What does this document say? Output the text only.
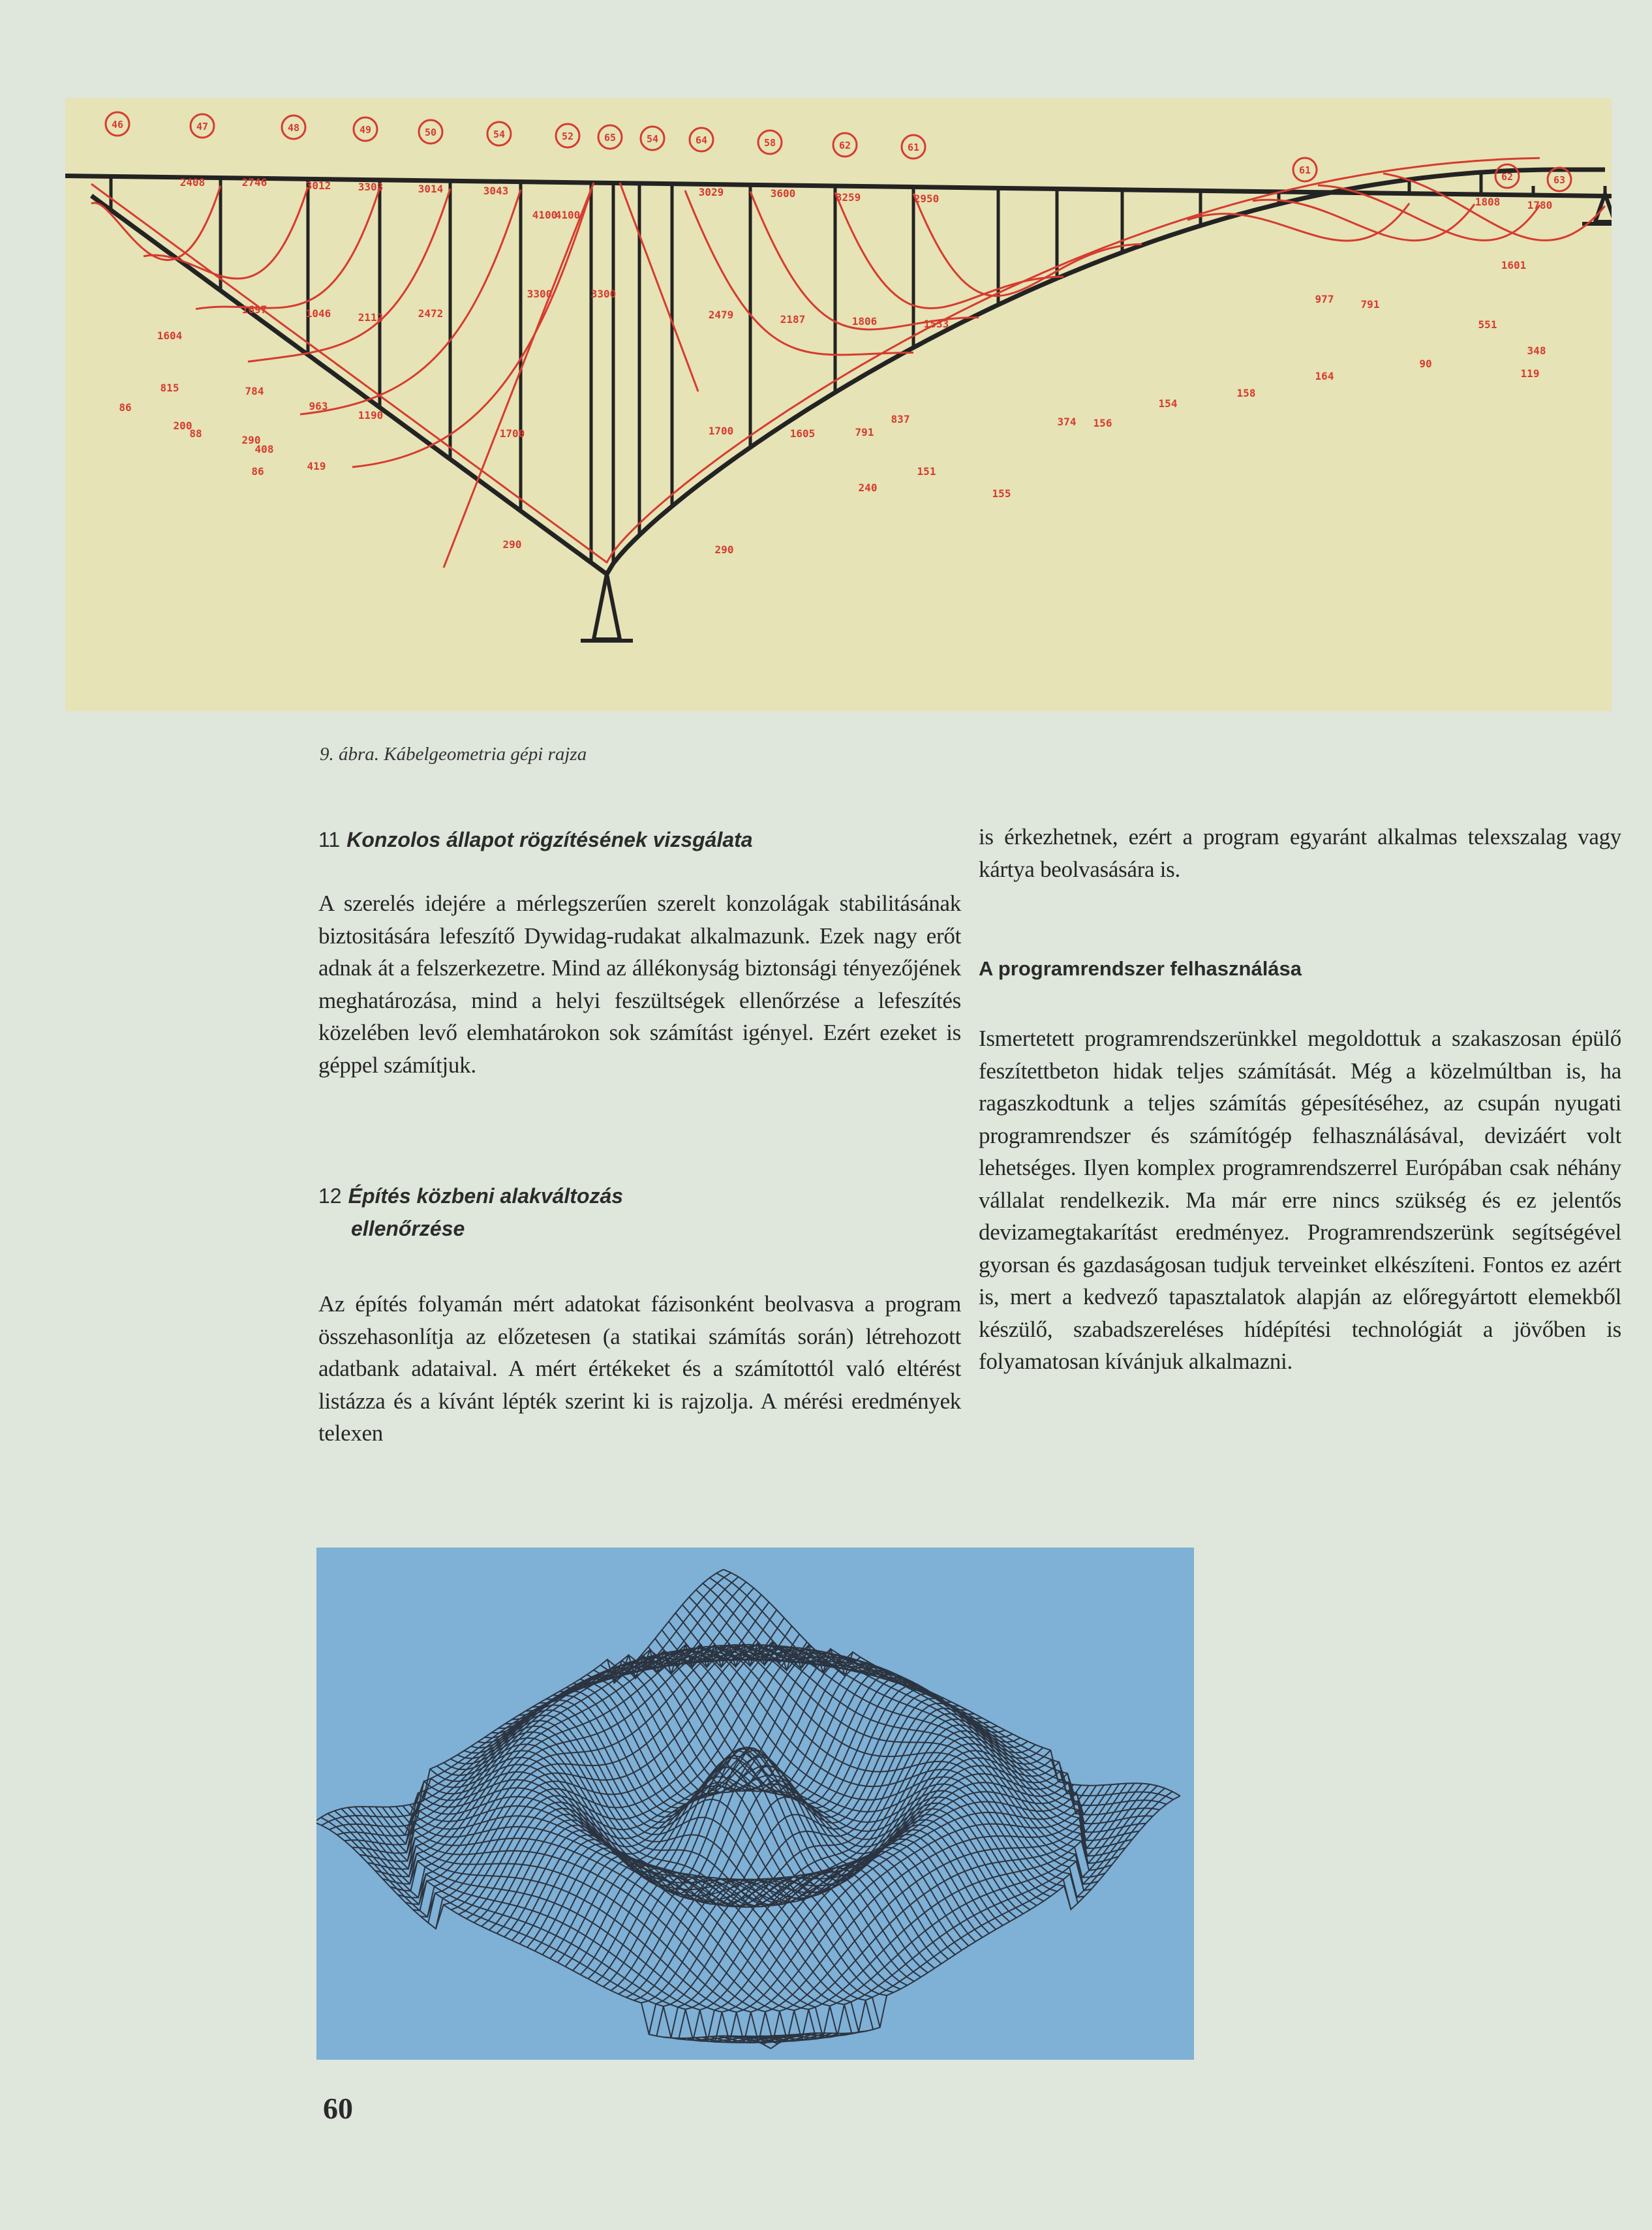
46	47	48	49	50	54	52	65	54	64	58	62	61
61
62	63
2408	2746	3012	3303	3014	3043
4100
4100
3029	3600	3259	2950	1808	1780
1604
1697	1046	2112	2472
3300	3300
2479	2187	1806	1533
977	791
1601
551
348
815	784
963
1190
1700	1700	1605	791
837
290	290
240
151
374
164	119
200
408
290
419
86
88
86
155
156
154
158
90
9. ábra. Kábelgeometria gépi rajza
11 Konzolos állapot rögzítésének vizsgálata

A szerelés idejére a mérlegszerűen szerelt konzolágak stabilitásának biztositására lefeszítő Dywidag-rudakat alkalmazunk. Ezek nagy erőt adnak át a felszerkezetre. Mind az állékonyság biztonsági tényezőjének meghatározása, mind a helyi feszültségek ellenőrzése a lefeszítés közelében levő elemhatárokon sok számítást igényel. Ezért ezeket is géppel számítjuk.

12 Építés közbeni alakváltozás
ellenőrzése

Az építés folyamán mért adatokat fázisonként beolvasva a program összehasonlítja az előzetesen (a statikai számítás során) létrehozott adatbank adataival. A mért értékeket és a számítottól való eltérést listázza és a kívánt lépték szerint ki is rajzolja. A mérési eredmények telexen

is érkezhetnek, ezért a program egyaránt alkalmas telexszalag vagy kártya beolvasására is.

A programrendszer felhasználása

Ismertetett programrendszerünkkel megoldottuk a szakaszosan épülő feszítettbeton hidak teljes számítását. Még a közelmúltban is, ha ragaszkodtunk a teljes számítás gépesítéséhez, az csupán nyugati programrendszer és számítógép felhasználásával, devizáért volt lehetséges. Ilyen komplex programrendszerrel Európában csak néhány vállalat rendelkezik. Ma már erre nincs szükség és ez jelentős devizamegtakarítást eredményez. Programrendszerünk segítségével gyorsan és gazdaságosan tudjuk terveinket elkészíteni. Fontos ez azért is, mert a kedvező tapasztalatok alapján az előregyártott elemekből készülő, szabadszereléses hídépítési technológiát a jövőben is folyamatosan kívánjuk alkalmazni.

60
